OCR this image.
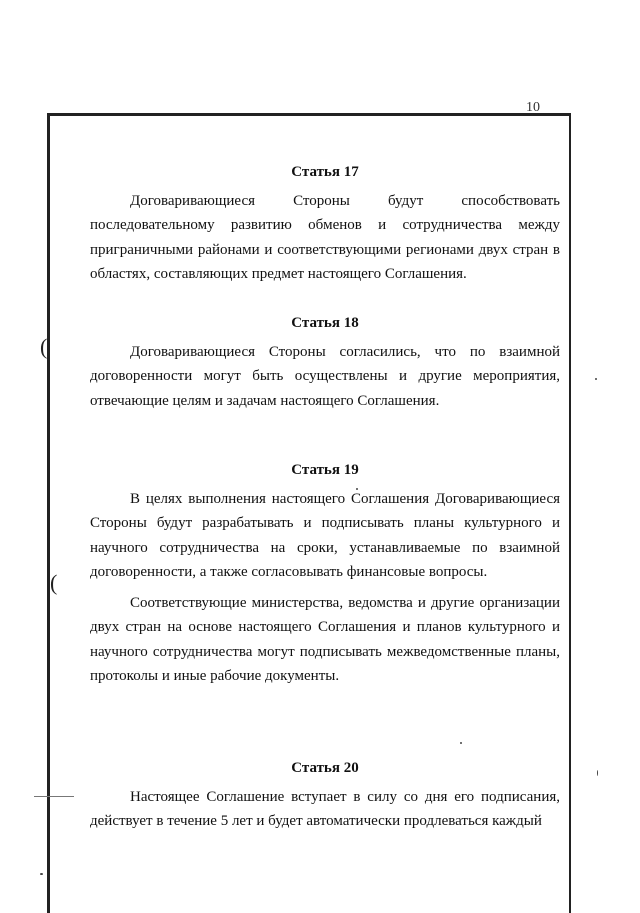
10

Статья 17

Договаривающиеся Стороны будут способствовать последовательному развитию обменов и сотрудничества между приграничными районами и соответствующими регионами двух стран в областях, составляющих предмет настоящего Соглашения.

Статья 18

Договаривающиеся Стороны согласились, что по взаимной договоренности могут быть осуществлены и другие мероприятия, отвечающие целям и задачам настоящего Соглашения.

Статья 19

В целях выполнения настоящего Соглашения Договаривающиеся Стороны будут разрабатывать и подписывать планы культурного и научного сотрудничества на сроки, устанавливаемые по взаимной договоренности, а также согласовывать финансовые вопросы.

Соответствующие министерства, ведомства и другие организации двух стран на основе настоящего Соглашения и планов культурного и научного сотрудничества могут подписывать межведомственные планы, протоколы и иные рабочие документы.

Статья 20

Настоящее Соглашение вступает в силу со дня его подписания, действует в течение 5 лет и будет автоматически продлеваться каждый

(
(
